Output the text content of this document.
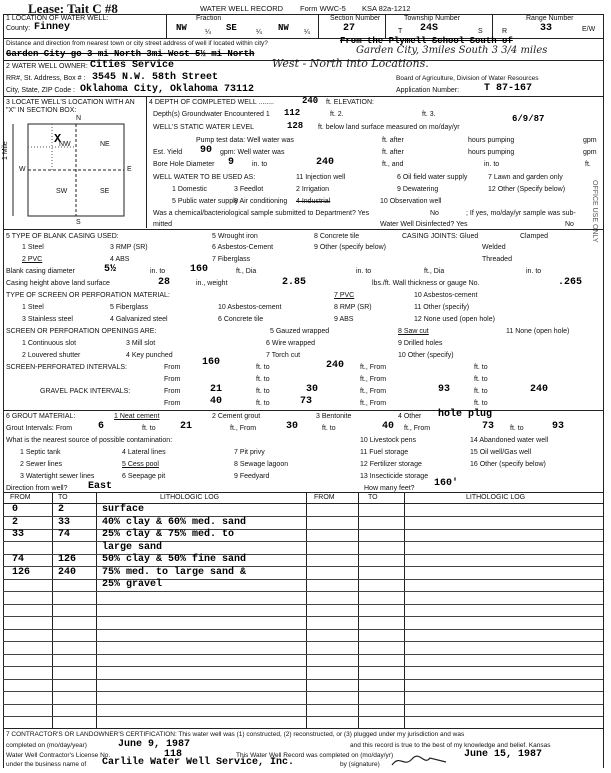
Lease: Tait C #8	WATER WELL RECORD Form WWC-5 KSA 82a-1212
1 LOCATION OF WATER WELL:
County: Finney
Fraction
NW	¼ SE	¼ NW ¼
Section Number
27
Township Number
T 24S	S
Range Number
R	33	E/W
Distance and direction from nearest town or city street address of well if located within city?	From the Plymell School South of
Garden City go 3 mi North 3mi West 5½ mi North	Garden City, 3miles South 3 3/4 miles
West - North into Locations.
2 WATER WELL OWNER: Cities Service
RR#, St. Address, Box # : 3545 N.W. 58th Street	Board of Agriculture, Division of Water Resources
City, State, ZIP Code : Oklahoma City, Oklahoma 73112	Application Number: T 87-167
3 LOCATE WELL'S LOCATION WITH AN "X" IN SECTION BOX:
N
S
W	E
NW	NE
SW	SE
X
1 Mile
4 DEPTH OF COMPLETED WELL ........	240 ft. ELEVATION:
Depth(s) Groundwater Encountered 1 112	ft. 2.	ft. 3.	6/9/87
WELL'S STATIC WATER LEVEL	128 ft. below land surface measured on mo/day/yr
Pump test data: Well water was	ft. after	hours pumping	gpm
Est. Yield 90 gpm: Well water was	ft. after	hours pumping	gpm
Bore Hole Diameter 9	in. to	240	ft., and	in. to	ft.
WELL WATER TO BE USED AS:	11 Injection well	6 Oil field water supply	7 Lawn and garden only
1 Domestic	3 Feedlot	2 Irrigation	9 Dewatering	12 Other (Specify below)
5 Public water supply
8 Air conditioning 4 Industrial	10 Observation well
Was a chemical/bacteriological sample submitted to Department? Yes	No	; If yes, mo/day/yr sample was sub-
mitted	Water Well Disinfected? Yes	No
5 TYPE OF BLANK CASING USED:	5 Wrought iron	8 Concrete tile	CASING JOINTS: Glued	Clamped
1 Steel	3 RMP (SR)	6 Asbestos-Cement	9 Other (specify below)	Welded
2 PVC	4 ABS	7 Fiberglass	Threaded
Blank casing diameter	5½	in. to 160	ft., Dia	in. to	ft., Dia	in. to
Casing height above land surface	28	in., weight	2.85	lbs./ft. Wall thickness or gauge No.	.265
TYPE OF SCREEN OR PERFORATION MATERIAL:	7 PVC	10 Asbestos-cement
1 Steel	5 Fiberglass	10 Asbestos-cement	8 RMP (SR)	11 Other (specify)
3 Stainless steel	4 Galvanized steel	6 Concrete tile	9 ABS	12 None used (open hole)
SCREEN OR PERFORATION OPENINGS ARE:	5 Gauzed wrapped	8 Saw cut	11 None (open hole)
1 Continuous slot	3 Mill slot	6 Wire wrapped	9 Drilled holes
2 Louvered shutter	4 Key punched	7 Torch cut	10 Other (specify)
SCREEN-PERFORATED INTERVALS:	From 160	ft. to	240 ft., From	ft. to
From	ft. to	ft., From	ft. to
GRAVEL PACK INTERVALS:	From	21	ft. to	30	ft., From	93	ft. to	240
From	40	ft. to	73	ft., From	ft. to
6 GROUT MATERIAL:	1 Neat cement	2 Cement grout	3 Bentonite	4 Other hole plug
Grout Intervals: From	6	ft. to 21	ft., From	30	ft. to	40 ft., From	73 ft. to	93
What is the nearest source of possible contamination:	10 Livestock pens	14 Abandoned water well
1 Septic tank	4 Lateral lines	7 Pit privy	11 Fuel storage	15 Oil well/Gas well
2 Sewer lines	5 Cess pool	8 Sewage lagoon	12 Fertilizer storage	16 Other (specify below)
3 Watertight sewer lines	6 Seepage pit	9 Feedyard	13 Insecticide storage
Direction from well? East	How many feet? 160'
FROM	TO	LITHOLOGIC LOG	FROM	TO	LITHOLOGIC LOG
0	2	surface
2	33	40% clay & 60% med. sand
33	74	25% clay & 75% med. to
large sand
74	126	50% clay & 50% fine sand
126	240	75% med. to large sand &
25% gravel
7 CONTRACTOR'S OR LANDOWNER'S CERTIFICATION: This water well was (1) constructed, (2) reconstructed, or (3) plugged under my jurisdiction and was
completed on (mo/day/year)	June 9, 1987	and this record is true to the best of my knowledge and belief. Kansas
Water Well Contractor's License No.	118	This Water Well Record was completed on (mo/day/yr)	June 15, 1987
under the business name of Carlile Water Well Service, Inc.	by (signature)
OFFICE USE ONLY
